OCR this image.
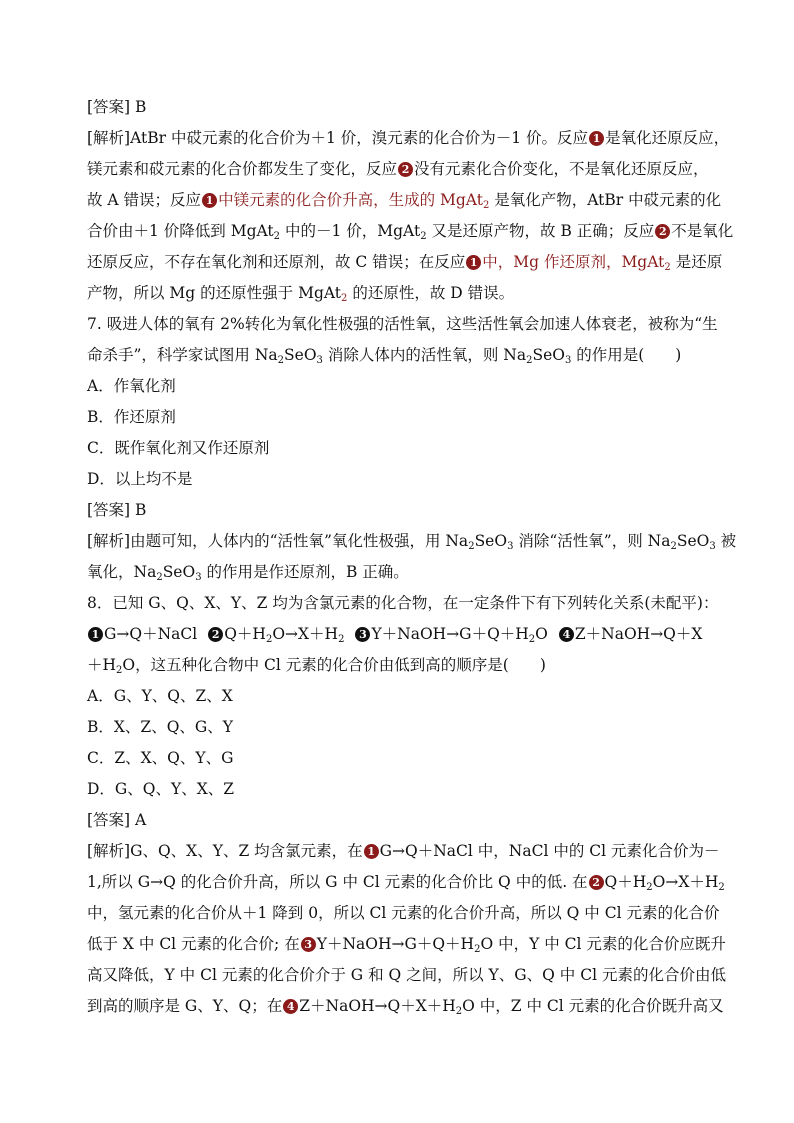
[答案] B
[解析]AtBr 中砹元素的化合价为＋1 价，溴元素的化合价为－1 价。反应 1 是氧化还原反应，
镁元素和砹元素的化合价都发生了变化，反应 2 没有元素化合价变化，不是氧化还原反应，
故 A 错误；反应 1 中镁元素的化合价升高，生成的 MgAt$_2$ 是氧化产物，AtBr 中砹元素的化
合价由＋1 价降低到 MgAt$_2$ 中的－1 价，MgAt$_2$ 又是还原产物，故 B 正确；反应 2 不是氧化
还原反应，不存在氧化剂和还原剂，故 C 错误；在反应 1 中，Mg 作还原剂，MgAt$_2$ 是还原
产物，所以 Mg 的还原性强于 MgAt$_2$ 的还原性，故 D 错误。
7. 吸进人体的氧有 2%转化为氧化性极强的活性氧，这些活性氧会加速人体衰老，被称为“生
命杀手”，科学家试图用 $Na_2SeO_3$ 消除人体内的活性氧，则 $Na_2SeO_3$ 的作用是(　　)
A．作氧化剂
B．作还原剂
C．既作氧化剂又作还原剂
D．以上均不是
[答案] B
[解析]由题可知，人体内的“活性氧”氧化性极强，用 $Na_2SeO_3$ 消除“活性氧”，则 $Na_2SeO_3$ 被
氧化，$Na_2SeO_3$ 的作用是作还原剂，B 正确。
8．已知 G、Q、X、Y、Z 均为含氯元素的化合物，在一定条件下有下列转化关系(未配平)：
1 G→Q＋NaCl 2 $Q+H_2O\to X+H_2$ 3 $Y+NaOH\to G+Q+H_2O$ 4 Z＋NaOH→Q＋X
$+H_2O$，这五种化合物中 Cl 元素的化合价由低到高的顺序是(　　)
A．G、Y、Q、Z、X
B．X、Z、Q、G、Y
C．Z、X、Q、Y、G
D．G、Q、Y、X、Z
[答案] A
[解析]G、Q、X、Y、Z 均含氯元素，在 1 G→Q＋NaCl 中，NaCl 中的 Cl 元素化合价为－
1,所以 G→Q 的化合价升高，所以 G 中 Cl 元素的化合价比 Q 中的低. 在 2 $Q+H_2O\to X+H_2$
中，氢元素的化合价从＋1 降到 0，所以 Cl 元素的化合价升高，所以 Q 中 Cl 元素的化合价
低于 X 中 Cl 元素的化合价; 在 3 $Y+NaOH\to G+Q+H_2O$ 中，Y 中 Cl 元素的化合价应既升
高又降低，Y 中 Cl 元素的化合价介于 G 和 Q 之间，所以 Y、G、Q 中 Cl 元素的化合价由低
到高的顺序是 G、Y、Q；在 4 $Z+NaOH\to Q+X+H_2O$ 中，Z 中 Cl 元素的化合价既升高又
